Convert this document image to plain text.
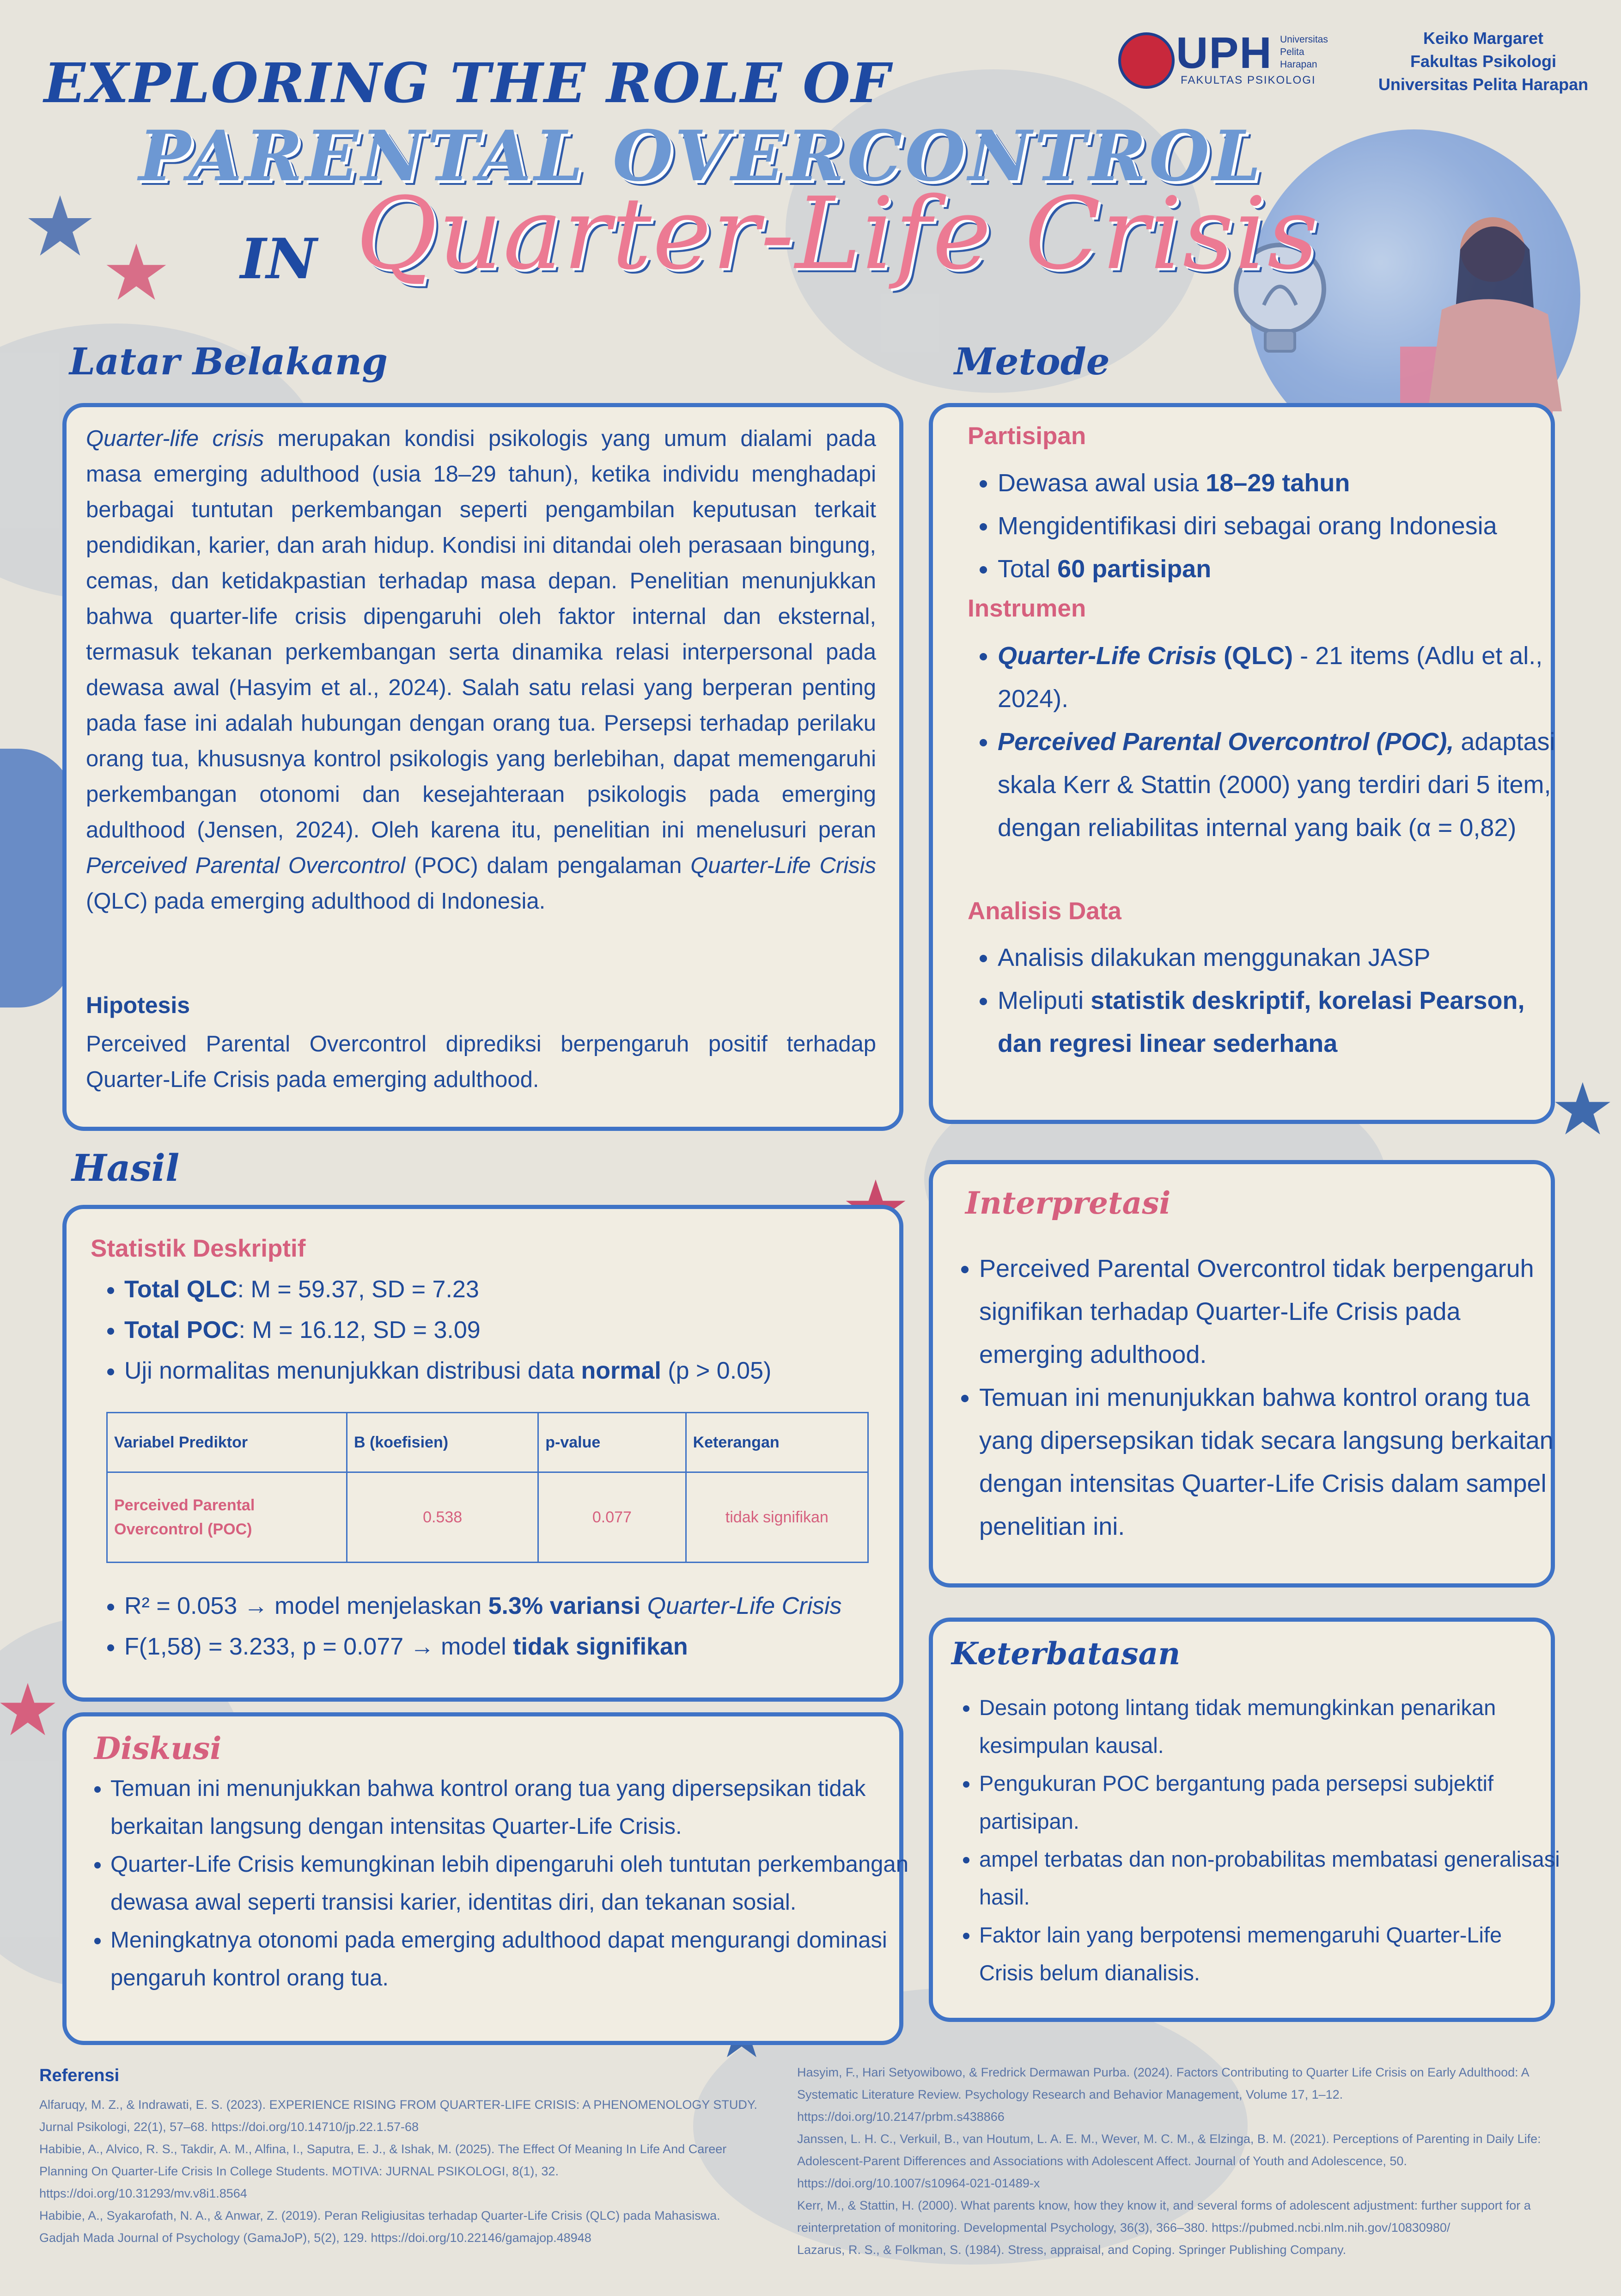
EXPLORING THE ROLE OF
PARENTAL OVERCONTROL
IN Quarter-Life Crisis
UPH Universitas Pelita Harapan
FAKULTAS PSIKOLOGI
Keiko Margaret
Fakultas Psikologi
Universitas Pelita Harapan
Latar Belakang
Quarter-life crisis merupakan kondisi psikologis yang umum dialami pada masa emerging adulthood (usia 18–29 tahun), ketika individu menghadapi berbagai tuntutan perkembangan seperti pengambilan keputusan terkait pendidikan, karier, dan arah hidup. Kondisi ini ditandai oleh perasaan bingung, cemas, dan ketidakpastian terhadap masa depan. Penelitian menunjukkan bahwa quarter-life crisis dipengaruhi oleh faktor internal dan eksternal, termasuk tekanan perkembangan serta dinamika relasi interpersonal pada dewasa awal (Hasyim et al., 2024). Salah satu relasi yang berperan penting pada fase ini adalah hubungan dengan orang tua. Persepsi terhadap perilaku orang tua, khususnya kontrol psikologis yang berlebihan, dapat memengaruhi perkembangan otonomi dan kesejahteraan psikologis pada emerging adulthood (Jensen, 2024). Oleh karena itu, penelitian ini menelusuri peran Perceived Parental Overcontrol (POC) dalam pengalaman Quarter-Life Crisis (QLC) pada emerging adulthood di Indonesia.
Hipotesis
Perceived Parental Overcontrol diprediksi berpengaruh positif terhadap Quarter-Life Crisis pada emerging adulthood.
Metode
Partisipan
• Dewasa awal usia 18–29 tahun
• Mengidentifikasi diri sebagai orang Indonesia
• Total 60 partisipan
Instrumen
• Quarter-Life Crisis (QLC) - 21 items (Adlu et al., 2024).
• Perceived Parental Overcontrol (POC), adaptasi skala Kerr & Stattin (2000) yang terdiri dari 5 item, dengan reliabilitas internal yang baik (α = 0,82)
Analisis Data
• Analisis dilakukan menggunakan JASP
• Meliputi statistik deskriptif, korelasi Pearson, dan regresi linear sederhana
Hasil
Statistik Deskriptif
• Total QLC: M = 59.37, SD = 7.23
• Total POC: M = 16.12, SD = 3.09
• Uji normalitas menunjukkan distribusi data normal (p > 0.05)
• R² = 0.053 → model menjelaskan 5.3% variansi Quarter-Life Crisis
• F(1,58) = 3.233, p = 0.077 → model tidak signifikan
Variabel Prediktor	B (koefisien)	p-value	Keterangan
Perceived Parental Overcontrol (POC)	0.538	0.077	tidak signifikan
Interpretasi
• Perceived Parental Overcontrol tidak berpengaruh signifikan terhadap Quarter-Life Crisis pada emerging adulthood.
• Temuan ini menunjukkan bahwa kontrol orang tua yang dipersepsikan tidak secara langsung berkaitan dengan intensitas Quarter-Life Crisis dalam sampel penelitian ini.
Keterbatasan
• Desain potong lintang tidak memungkinkan penarikan kesimpulan kausal.
• Pengukuran POC bergantung pada persepsi subjektif partisipan.
• ampel terbatas dan non-probabilitas membatasi generalisasi hasil.
• Faktor lain yang berpotensi memengaruhi Quarter-Life Crisis belum dianalisis.
Diskusi
• Temuan ini menunjukkan bahwa kontrol orang tua yang dipersepsikan tidak berkaitan langsung dengan intensitas Quarter-Life Crisis.
• Quarter-Life Crisis kemungkinan lebih dipengaruhi oleh tuntutan perkembangan dewasa awal seperti transisi karier, identitas diri, dan tekanan sosial.
• Meningkatnya otonomi pada emerging adulthood dapat mengurangi dominasi pengaruh kontrol orang tua.
Referensi
Alfaruqy, M. Z., & Indrawati, E. S. (2023). EXPERIENCE RISING FROM QUARTER-LIFE CRISIS: A PHENOMENOLOGY STUDY.
Jurnal Psikologi, 22(1), 57–68. https://doi.org/10.14710/jp.22.1.57-68
Habibie, A., Alvico, R. S., Takdir, A. M., Alfina, I., Saputra, E. J., & Ishak, M. (2025). The Effect Of Meaning In Life And Career
Planning On Quarter-Life Crisis In College Students. MOTIVA: JURNAL PSIKOLOGI, 8(1), 32.
https://doi.org/10.31293/mv.v8i1.8564
Habibie, A., Syakarofath, N. A., & Anwar, Z. (2019). Peran Religiusitas terhadap Quarter-Life Crisis (QLC) pada Mahasiswa.
Gadjah Mada Journal of Psychology (GamaJoP), 5(2), 129. https://doi.org/10.22146/gamajop.48948
Hasyim, F., Hari Setyowibowo, & Fredrick Dermawan Purba. (2024). Factors Contributing to Quarter Life Crisis on Early Adulthood: A
Systematic Literature Review. Psychology Research and Behavior Management, Volume 17, 1–12.
https://doi.org/10.2147/prbm.s438866
Janssen, L. H. C., Verkuil, B., van Houtum, L. A. E. M., Wever, M. C. M., & Elzinga, B. M. (2021). Perceptions of Parenting in Daily Life:
Adolescent-Parent Differences and Associations with Adolescent Affect. Journal of Youth and Adolescence, 50.
https://doi.org/10.1007/s10964-021-01489-x
Kerr, M., & Stattin, H. (2000). What parents know, how they know it, and several forms of adolescent adjustment: further support for a
reinterpretation of monitoring. Developmental Psychology, 36(3), 366–380. https://pubmed.ncbi.nlm.nih.gov/10830980/
Lazarus, R. S., & Folkman, S. (1984). Stress, appraisal, and Coping. Springer Publishing Company.
